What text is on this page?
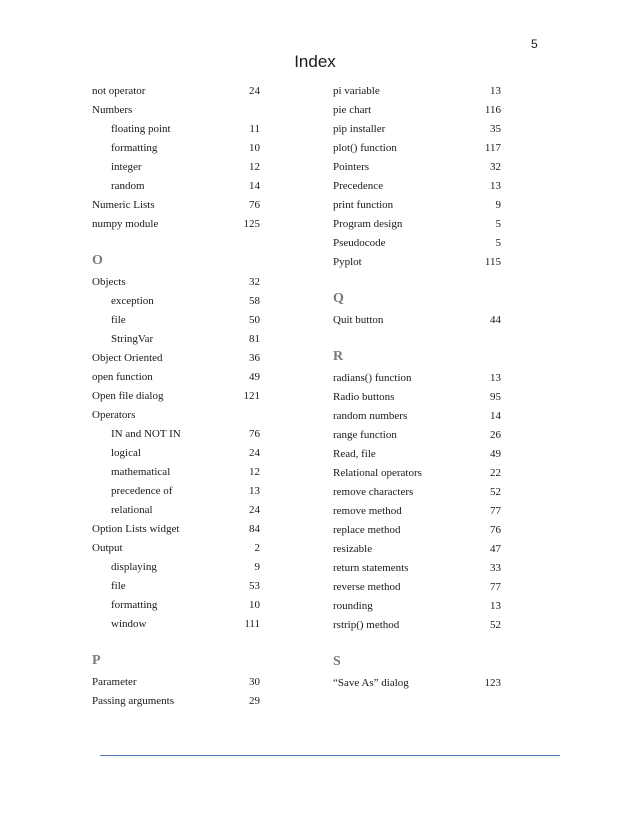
5
Index
not operator	24
Numbers
floating point	11
formatting	10
integer	12
random	14
Numeric Lists	76
numpy module	125
O
Objects	32
exception	58
file	50
StringVar	81
Object Oriented	36
open function	49
Open file dialog	121
Operators
IN and NOT IN	76
logical	24
mathematical	12
precedence of	13
relational	24
Option Lists widget	84
Output	2
displaying	9
file	53
formatting	10
window	111
P
Parameter	30
Passing arguments	29
pi variable	13
pie chart	116
pip installer	35
plot() function	117
Pointers	32
Precedence	13
print function	9
Program design	5
Pseudocode	5
Pyplot	115
Q
Quit button	44
R
radians() function	13
Radio buttons	95
random numbers	14
range function	26
Read, file	49
Relational operators	22
remove characters	52
remove method	77
replace method	76
resizable	47
return statements	33
reverse method	77
rounding	13
rstrip() method	52
S
“Save As” dialog	123
